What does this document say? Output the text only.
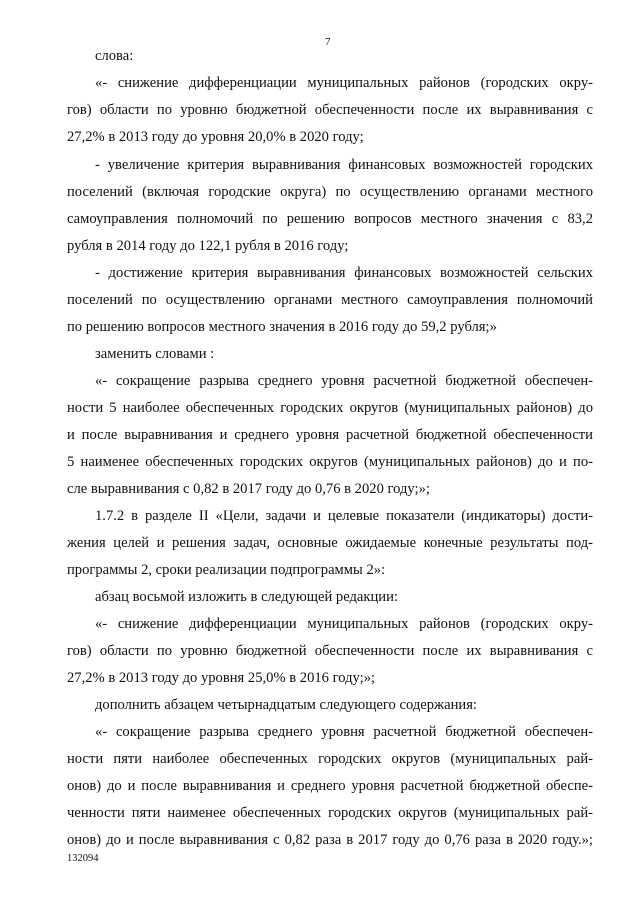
7
слова:
«- снижение дифференциации муниципальных районов (городских окру-
гов) области по уровню бюджетной обеспеченности после их выравнивания с
27,2% в 2013 году до уровня 20,0% в 2020 году;
- увеличение критерия выравнивания финансовых возможностей городских
поселений (включая городские округа) по осуществлению органами местного
самоуправления полномочий по решению вопросов местного значения с 83,2
рубля в 2014 году до 122,1 рубля в 2016 году;
- достижение критерия выравнивания финансовых возможностей сельских
поселений по осуществлению органами местного самоуправления полномочий
по решению вопросов местного значения в 2016 году до 59,2 рубля;»
заменить словами :
«- сокращение разрыва среднего уровня расчетной бюджетной обеспечен-
ности 5 наиболее обеспеченных городских округов (муниципальных районов) до
и после выравнивания и среднего уровня расчетной бюджетной обеспеченности
5 наименее обеспеченных городских округов (муниципальных районов) до и по-
сле выравнивания с 0,82 в 2017 году до 0,76 в 2020 году;»;
1.7.2 в разделе II «Цели, задачи и целевые показатели (индикаторы) дости-
жения целей и решения задач, основные ожидаемые конечные результаты под-
программы 2, сроки реализации подпрограммы 2»:
абзац восьмой изложить в следующей редакции:
«- снижение дифференциации муниципальных районов (городских окру-
гов) области по уровню бюджетной обеспеченности после их выравнивания с
27,2% в 2013 году до уровня 25,0% в 2016 году;»;
дополнить абзацем четырнадцатым следующего содержания:
«- сокращение разрыва среднего уровня расчетной бюджетной обеспечен-
ности пяти наиболее обеспеченных городских округов (муниципальных рай-
онов) до и после выравнивания и среднего уровня расчетной бюджетной обеспе-
ченности пяти наименее обеспеченных городских округов (муниципальных рай-
онов) до и после выравнивания с 0,82 раза в 2017 году до 0,76 раза в 2020 году.»;
132094
